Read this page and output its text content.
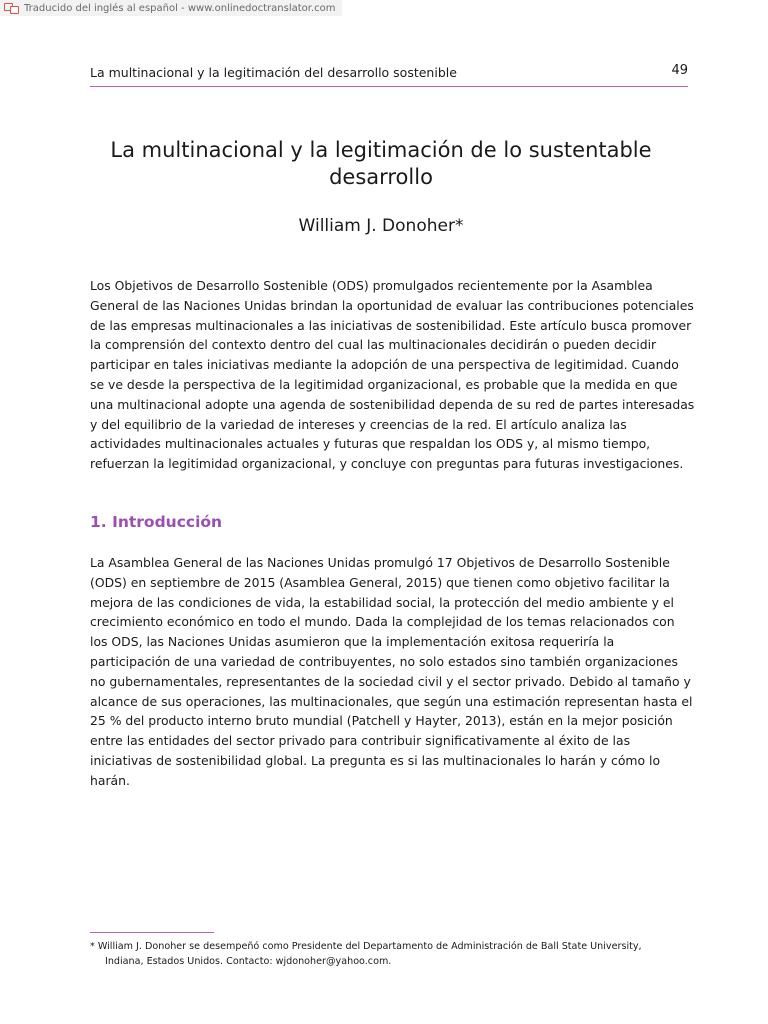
Traducido del inglés al español - www.onlinedoctranslator.com
La multinacional y la legitimación del desarrollo sostenible	49
La multinacional y la legitimación de lo sustentable
desarrollo
William J. Donoher*

Los Objetivos de Desarrollo Sostenible (ODS) promulgados recientemente por la Asamblea General de las Naciones Unidas brindan la oportunidad de evaluar las contribuciones potenciales de las empresas multinacionales a las iniciativas de sostenibilidad. Este artículo busca promover la comprensión del contexto dentro del cual las multinacionales decidirán o pueden decidir participar en tales iniciativas mediante la adopción de una perspectiva de legitimidad. Cuando se ve desde la perspectiva de la legitimidad organizacional, es probable que la medida en que una multinacional adopte una agenda de sostenibilidad dependa de su red de partes interesadas y del equilibrio de la variedad de intereses y creencias de la red. El artículo analiza las actividades multinacionales actuales y futuras que respaldan los ODS y, al mismo tiempo, refuerzan la legitimidad organizacional, y concluye con preguntas para futuras investigaciones.

1. Introducción

La Asamblea General de las Naciones Unidas promulgó 17 Objetivos de Desarrollo Sostenible (ODS) en septiembre de 2015 (Asamblea General, 2015) que tienen como objetivo facilitar la mejora de las condiciones de vida, la estabilidad social, la protección del medio ambiente y el crecimiento económico en todo el mundo. Dada la complejidad de los temas relacionados con los ODS, las Naciones Unidas asumieron que la implementación exitosa requeriría la participación de una variedad de contribuyentes, no solo estados sino también organizaciones no gubernamentales, representantes de la sociedad civil y el sector privado. Debido al tamaño y alcance de sus operaciones, las multinacionales, que según una estimación representan hasta el 25 % del producto interno bruto mundial (Patchell y Hayter, 2013), están en la mejor posición entre las entidades del sector privado para contribuir significativamente al éxito de las iniciativas de sostenibilidad global. La pregunta es si las multinacionales lo harán y cómo lo harán.

* William J. Donoher se desempeñó como Presidente del Departamento de Administración de Ball State University,
Indiana, Estados Unidos. Contacto: wjdonoher@yahoo.com.
